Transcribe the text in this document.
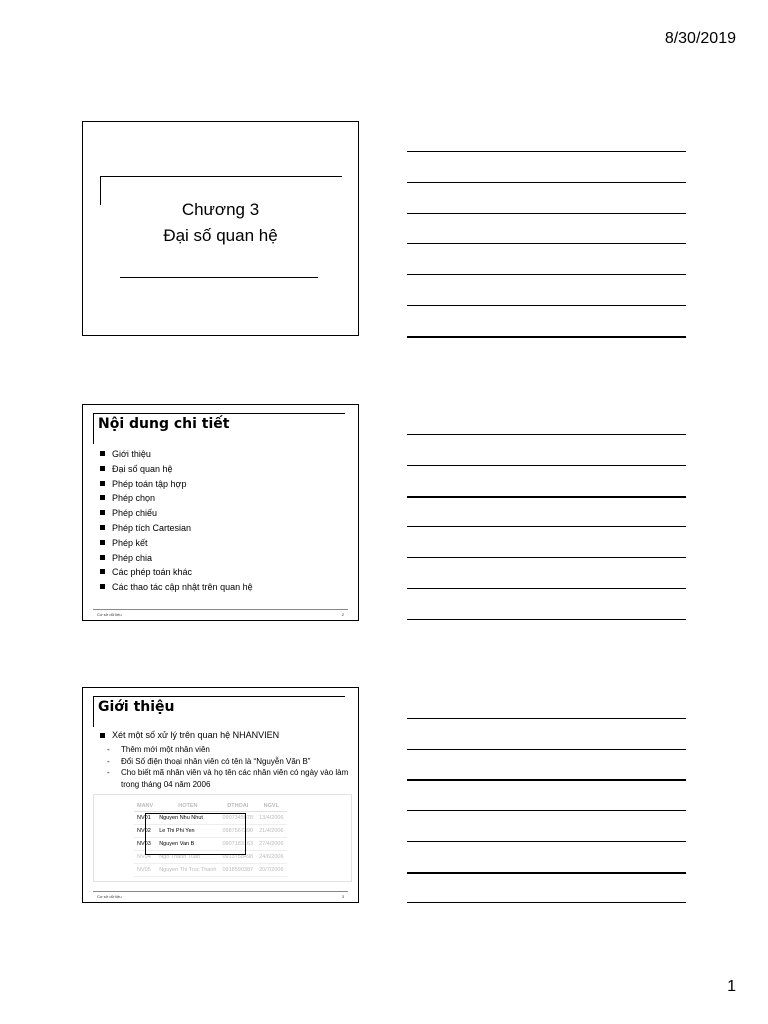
8/30/2019
Chương 3
Đại số quan hệ
Nội dung chi tiết
Giới thiệu
Đại số quan hệ
Phép toán tập hợp
Phép chọn
Phép chiếu
Phép tích Cartesian
Phép kết
Phép chia
Các phép toán khác
Các thao tác cập nhật trên quan hệ
Cơ sở dữ liệu	2
Giới thiệu
Xét một số xử lý trên quan hệ NHANVIEN
- Thêm mới một nhân viên
- Đổi Số điện thoại nhân viên có tên là “Nguyễn Văn B”
- Cho biết mã nhân viên và họ tên các nhân viên có ngày vào làm trong tháng 04 năm 2006
MANV	HOTEN	DTHOAI	NGVL
NV01	Nguyen Nhu Nhut	0907345678	13/4/2006
NV02	Le Thi Phi Yen	0987567390	21/4/2006
NV03	Nguyen Van B	0907183163	27/4/2006
NV04	Ngo Thanh Tuan	0913758498	24/6/2006
NV05	Nguyen Thi Truc Thanh	0918590387	20/7/2006
Cơ sở dữ liệu	3
1
